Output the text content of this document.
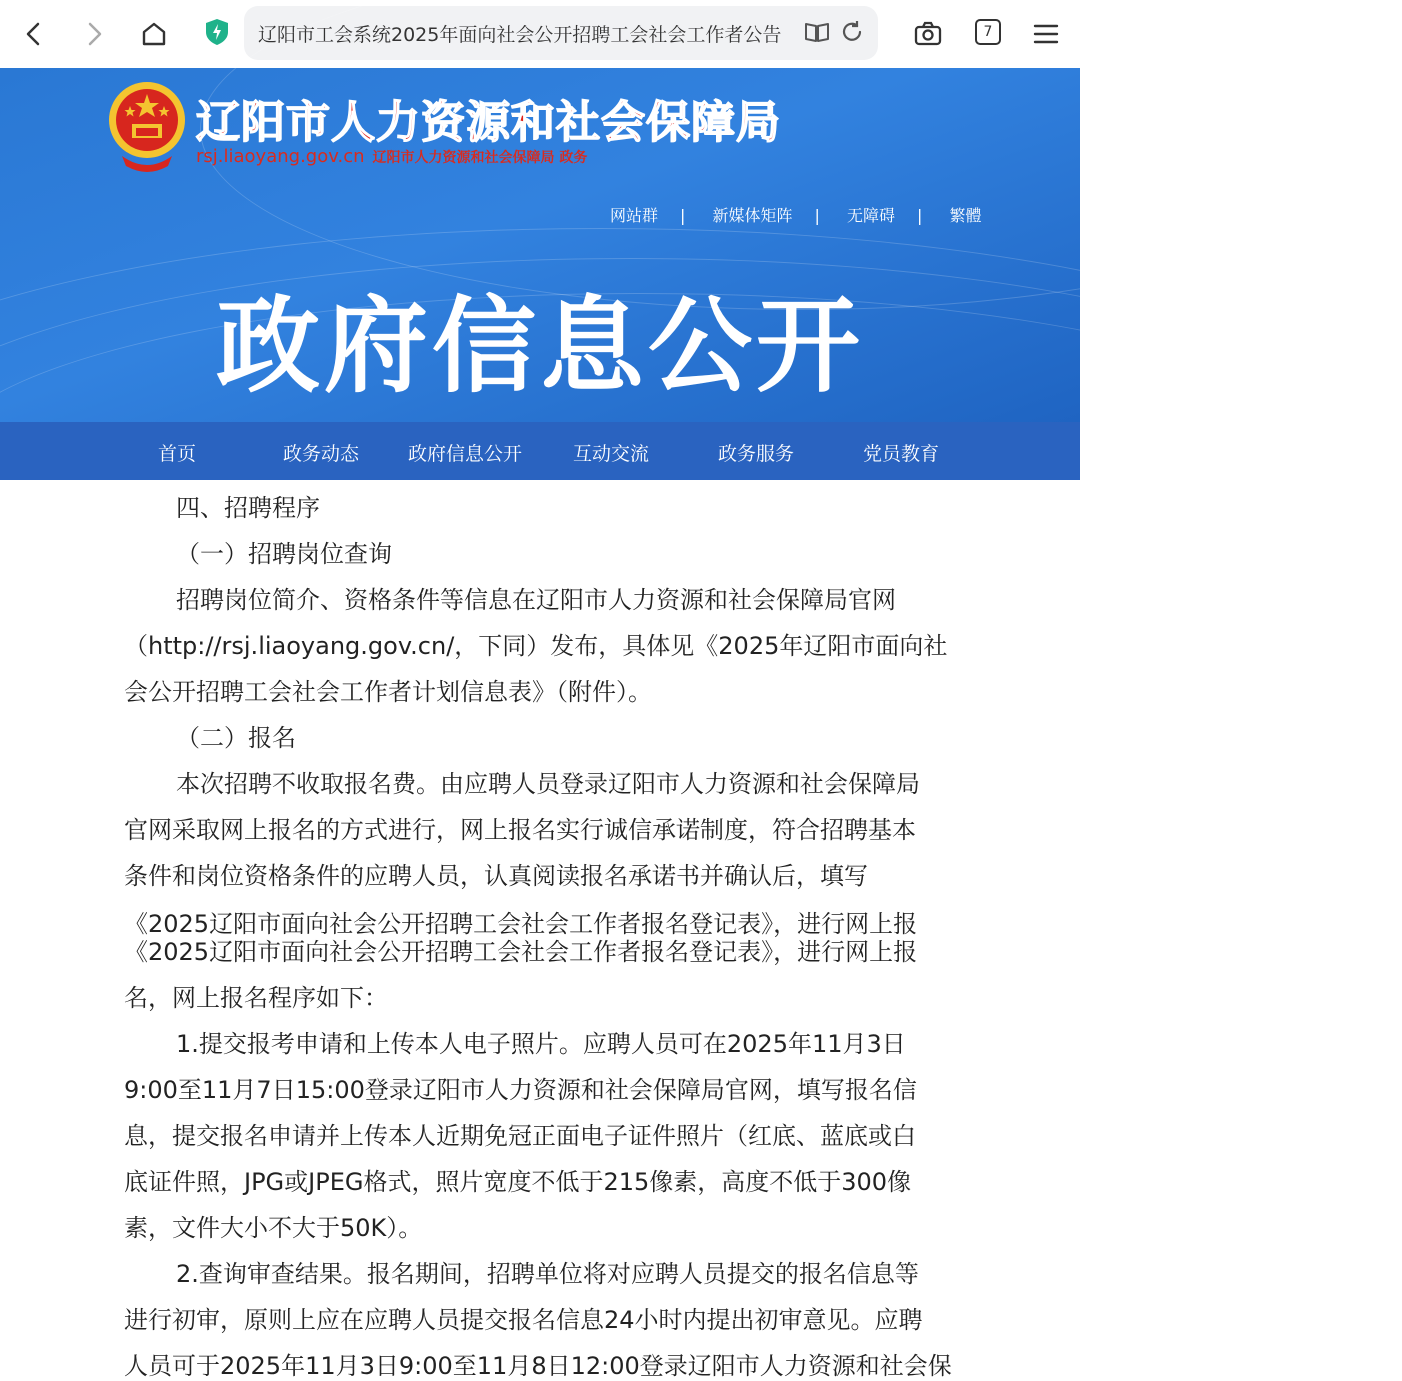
辽阳市工会系统2025年面向社会公开招聘工会社会工作者公告	7
辽阳市人力资源和社会保障局
rsj.liaoyang.gov.cn 辽阳市人力资源和社会保障局 政务
网站群 | 新媒体矩阵 | 无障碍 | 繁體
政府信息公开
首页	政务动态	政府信息公开	互动交流	政务服务	党员教育
四、招聘程序
（一）招聘岗位查询
招聘岗位简介、资格条件等信息在辽阳市人力资源和社会保障局官网
（http://rsj.liaoyang.gov.cn/，下同）发布，具体见《2025年辽阳市面向社
会公开招聘工会社会工作者计划信息表》（附件）。
（二）报名
本次招聘不收取报名费。由应聘人员登录辽阳市人力资源和社会保障局
官网采取网上报名的方式进行，网上报名实行诚信承诺制度，符合招聘基本
条件和岗位资格条件的应聘人员，认真阅读报名承诺书并确认后，填写
《2025辽阳市面向社会公开招聘工会社会工作者报名登记表》，进行网上报
《2025辽阳市面向社会公开招聘工会社会工作者报名登记表》，进行网上报
名，网上报名程序如下：
1.提交报考申请和上传本人电子照片。应聘人员可在2025年11月3日
9:00至11月7日15:00登录辽阳市人力资源和社会保障局官网，填写报名信
息，提交报名申请并上传本人近期免冠正面电子证件照片（红底、蓝底或白
底证件照，JPG或JPEG格式，照片宽度不低于215像素，高度不低于300像
素，文件大小不大于50K）。
2.查询审查结果。报名期间，招聘单位将对应聘人员提交的报名信息等
进行初审，原则上应在应聘人员提交报名信息24小时内提出初审意见。应聘
人员可于2025年11月3日9:00至11月8日12:00登录辽阳市人力资源和社会保
